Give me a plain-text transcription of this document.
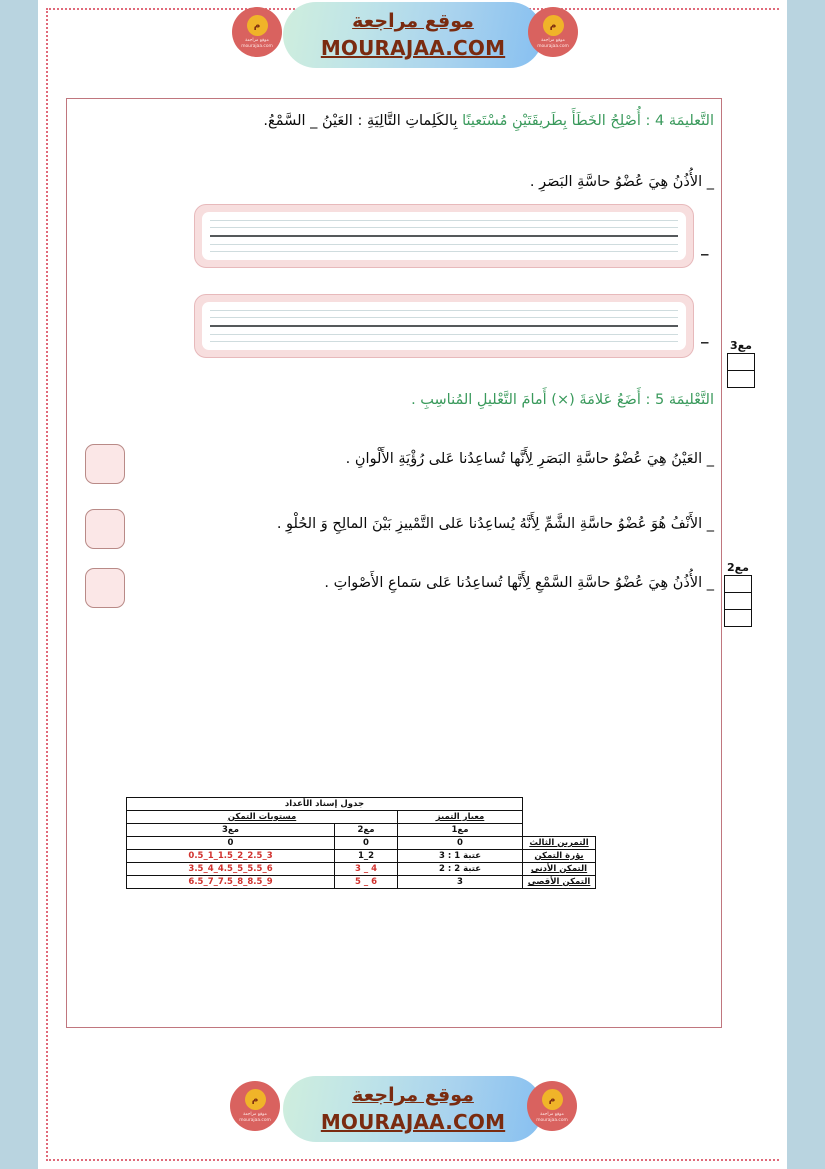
م
موقع مراجعة
mourajaa.com
م
موقع مراجعة
mourajaa.com
موقع مراجعة
MOURAJAA.COM
التَّعليمَة 4 : أُصْلِحُ الخَطَأَ بِطَريقَتَيْنِ مُسْتَعينًا بِالكَلِماتِ التَّالِيَةِ : العَيْنُ _ السَّمْعُ.
_ الأُذُنُ هِيَ عُضْوُ حاسَّةِ البَصَرِ .
_
_
مع3
التَّعْليمَة 5 : أَضَعُ عَلامَةَ (×) أَمامَ التَّعْليلِ المُناسِبِ .
_ العَيْنُ هِيَ عُضْوُ حاسَّةِ البَصَرِ لِأَنَّها تُساعِدُنا عَلى رُؤْيَةِ الأَلْوانِ .
_ الأَنْفُ هُوَ عُضْوُ حاسَّةِ الشَّمِّ لِأَنَّهُ يُساعِدُنا عَلى التَّمْييزِ بَيْنَ المالِحِ وَ الحُلْوِ .
_ الأُذُنُ هِيَ عُضْوُ حاسَّةِ السَّمْعِ لِأَنَّها تُساعِدُنا عَلى سَماعِ الأَصْواتِ .
مع2
	جدول إسناد الأعداد		
	معيار التميز	مستويات التمكن	
	مع1	مع2	مع3
التمرين الثالث	0	0	0
بؤرة التمكن	عتبة 1 : 3	2_1	3_2.5_2_1.5_1_0.5
التمكن الأدنى	عتبة 2 : 2	4 _ 3	6_5.5_5_4.5_4_3.5
التمكن الأقصى	3	6 _ 5	9_8.5_8_7.5_7_6.5
م
موقع مراجعة
mourajaa.com
م
موقع مراجعة
mourajaa.com
موقع مراجعة
MOURAJAA.COM
